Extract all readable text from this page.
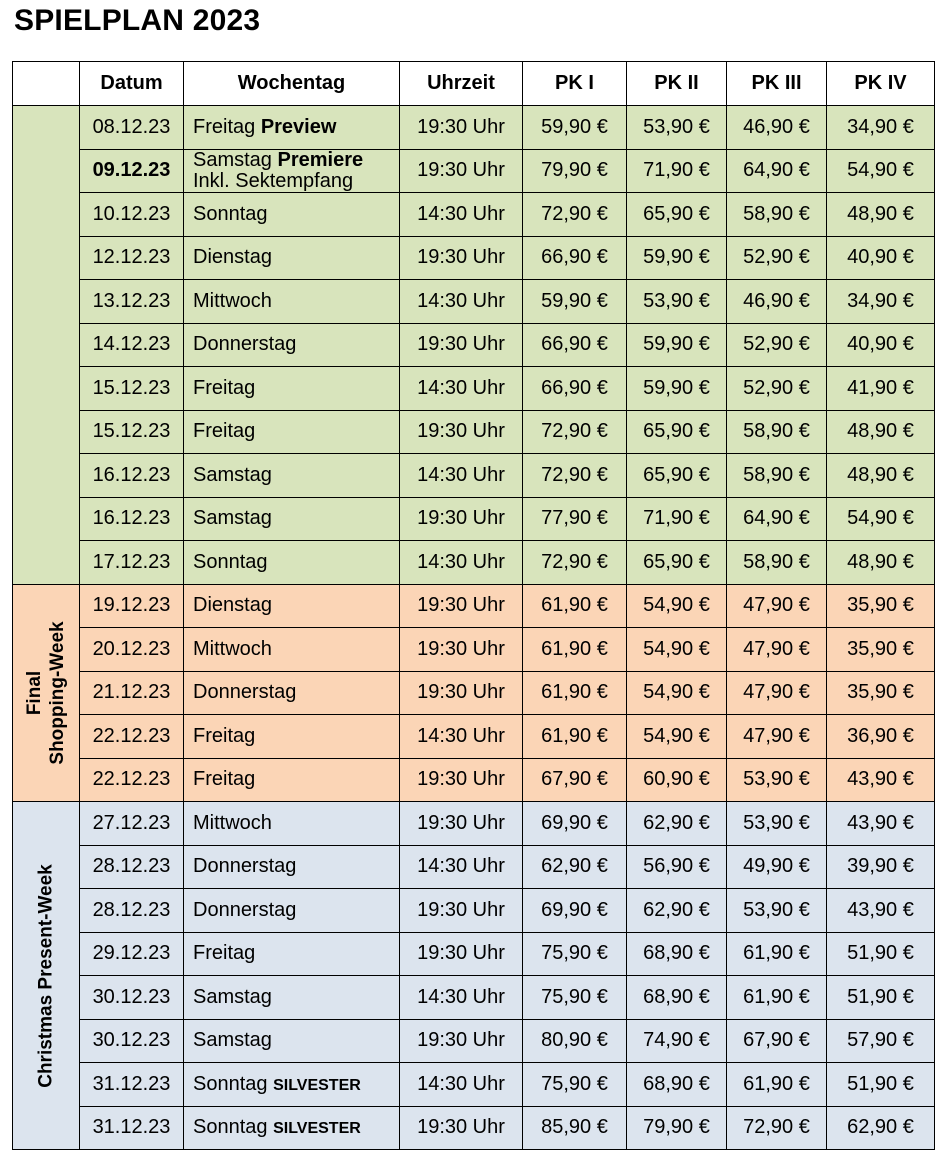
SPIELPLAN 2023
	Datum	Wochentag	Uhrzeit	PK I	PK II	PK III	PK IV

	08.12.23	Freitag Preview	19:30 Uhr	59,90 €	53,90 €	46,90 €	34,90 €
	09.12.23	Samstag Premiere
Inkl. Sektempfang	19:30 Uhr	79,90 €	71,90 €	64,90 €	54,90 €
	10.12.23	Sonntag	14:30 Uhr	72,90 €	65,90 €	58,90 €	48,90 €
	12.12.23	Dienstag	19:30 Uhr	66,90 €	59,90 €	52,90 €	40,90 €
	13.12.23	Mittwoch	14:30 Uhr	59,90 €	53,90 €	46,90 €	34,90 €
	14.12.23	Donnerstag	19:30 Uhr	66,90 €	59,90 €	52,90 €	40,90 €
	15.12.23	Freitag	14:30 Uhr	66,90 €	59,90 €	52,90 €	41,90 €
	15.12.23	Freitag	19:30 Uhr	72,90 €	65,90 €	58,90 €	48,90 €
	16.12.23	Samstag	14:30 Uhr	72,90 €	65,90 €	58,90 €	48,90 €
	16.12.23	Samstag	19:30 Uhr	77,90 €	71,90 €	64,90 €	54,90 €
	17.12.23	Sonntag	14:30 Uhr	72,90 €	65,90 €	58,90 €	48,90 €

Final Shopping-Week	19.12.23	Dienstag	19:30 Uhr	61,90 €	54,90 €	47,90 €	35,90 €
	20.12.23	Mittwoch	19:30 Uhr	61,90 €	54,90 €	47,90 €	35,90 €
	21.12.23	Donnerstag	19:30 Uhr	61,90 €	54,90 €	47,90 €	35,90 €
	22.12.23	Freitag	14:30 Uhr	61,90 €	54,90 €	47,90 €	36,90 €
	22.12.23	Freitag	19:30 Uhr	67,90 €	60,90 €	53,90 €	43,90 €

Christmas Present-Week	27.12.23	Mittwoch	19:30 Uhr	69,90 €	62,90 €	53,90 €	43,90 €
	28.12.23	Donnerstag	14:30 Uhr	62,90 €	56,90 €	49,90 €	39,90 €
	28.12.23	Donnerstag	19:30 Uhr	69,90 €	62,90 €	53,90 €	43,90 €
	29.12.23	Freitag	19:30 Uhr	75,90 €	68,90 €	61,90 €	51,90 €
	30.12.23	Samstag	14:30 Uhr	75,90 €	68,90 €	61,90 €	51,90 €
	30.12.23	Samstag	19:30 Uhr	80,90 €	74,90 €	67,90 €	57,90 €
	31.12.23	Sonntag SILVESTER	14:30 Uhr	75,90 €	68,90 €	61,90 €	51,90 €
	31.12.23	Sonntag SILVESTER	19:30 Uhr	85,90 €	79,90 €	72,90 €	62,90 €
